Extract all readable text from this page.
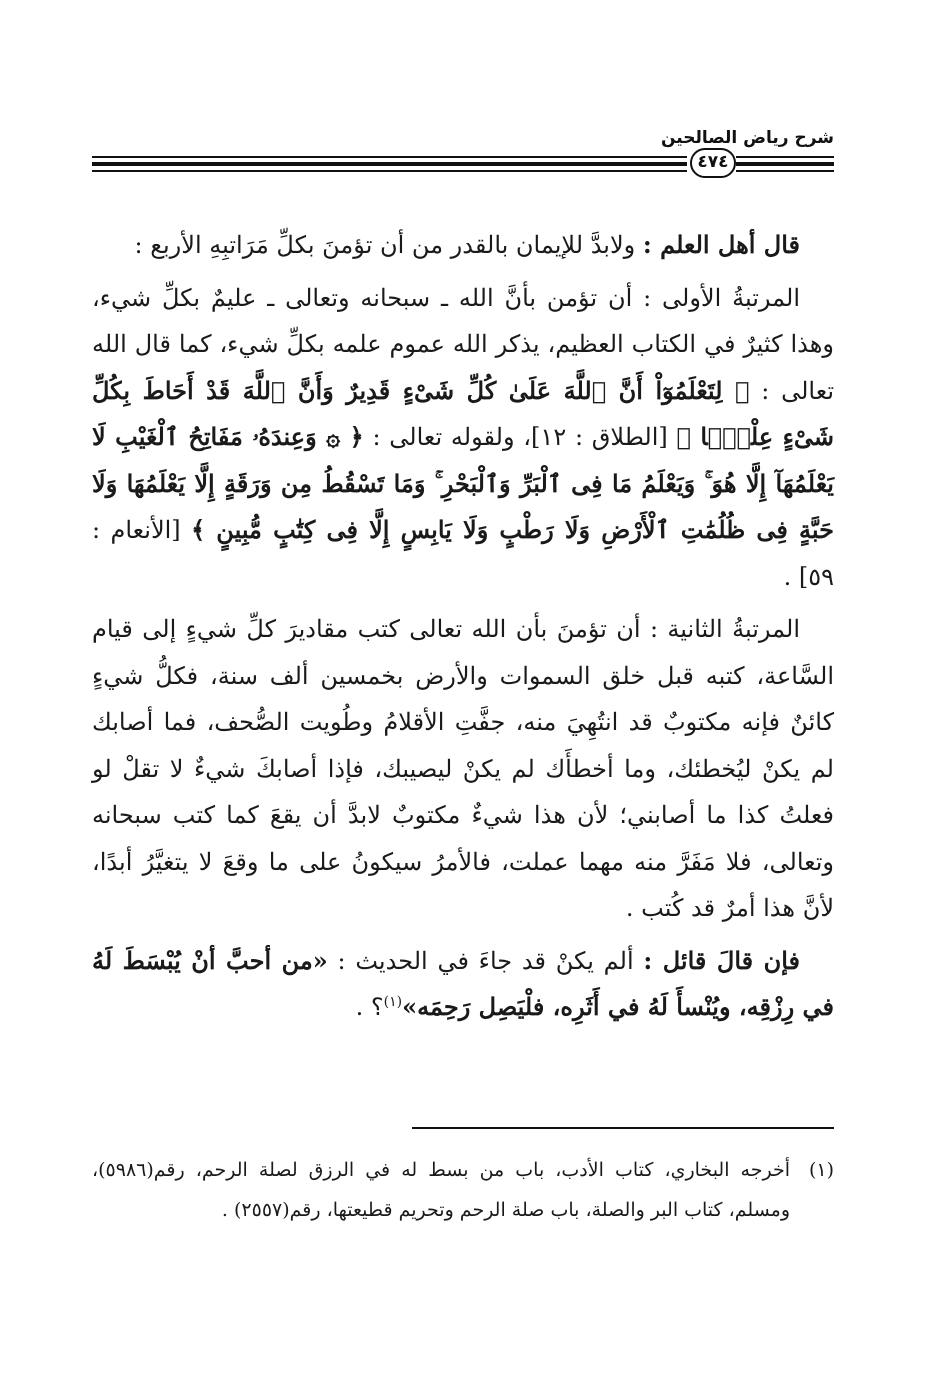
شرح رياض الصالحين
٤٧٤

قال أهل العلم : ولابدَّ للإيمان بالقدر من أن تؤمنَ بكلِّ مَرَاتبِهِ الأربع :

المرتبةُ الأولى : أن تؤمن بأنَّ الله ـ سبحانه وتعالى ـ عليمٌ بكلِّ شيء، وهذا كثيرٌ في الكتاب العظيم، يذكر الله عموم علمه بكلِّ شيء، كما قال الله تعالى : ﴿ لِتَعْلَمُوٓاْ أَنَّ ٱللَّهَ عَلَىٰ كُلِّ شَىْءٍ قَدِيرٌ وَأَنَّ ٱللَّهَ قَدْ أَحَاطَ بِكُلِّ شَىْءٍ عِلْمًۢا ﴾ [الطلاق : ١٢]، ولقوله تعالى : ﴿ ۞ وَعِندَهُۥ مَفَاتِحُ ٱلْغَيْبِ لَا يَعْلَمُهَآ إِلَّا هُوَ ۚ وَيَعْلَمُ مَا فِى ٱلْبَرِّ وَٱلْبَحْرِ ۚ وَمَا تَسْقُطُ مِن وَرَقَةٍ إِلَّا يَعْلَمُهَا وَلَا حَبَّةٍ فِى ظُلُمَٰتِ ٱلْأَرْضِ وَلَا رَطْبٍ وَلَا يَابِسٍ إِلَّا فِى كِتَٰبٍ مُّبِينٍ ﴾ [الأنعام : ٥٩] .

المرتبةُ الثانية : أن تؤمنَ بأن الله تعالى كتب مقاديرَ كلِّ شيءٍ إلى قيام السَّاعة، كتبه قبل خلق السموات والأرض بخمسين ألف سنة، فكلُّ شيءٍ كائنٌ فإنه مكتوبٌ قد انتُهِيَ منه، جفَّتِ الأقلامُ وطُويت الصُّحف، فما أصابك لم يكنْ ليُخطئك، وما أخطأَك لم يكنْ ليصيبك، فإذا أصابكَ شيءٌ لا تقلْ لو فعلتُ كذا ما أصابني؛ لأن هذا شيءٌ مكتوبٌ لابدَّ أن يقعَ كما كتب سبحانه وتعالى، فلا مَفَرَّ منه مهما عملت، فالأمرُ سيكونُ على ما وقعَ لا يتغيَّرُ أبدًا، لأنَّ هذا أمرٌ قد كُتب .

فإن قالَ قائل : ألم يكنْ قد جاءَ في الحديث : «من أحبَّ أنْ يُبْسَطَ لَهُ في رِزْقِه، ويُنْسأَ لَهُ في أَثَرِه، فلْيَصِل رَحِمَه»$^{(١)}$؟ .

(١)
أخرجه البخاري، كتاب الأدب، باب من بسط له في الرزق لصلة الرحم، رقم(٥٩٨٦)، ومسلم، كتاب البر والصلة، باب صلة الرحم وتحريم قطيعتها، رقم(٢٥٥٧) .
